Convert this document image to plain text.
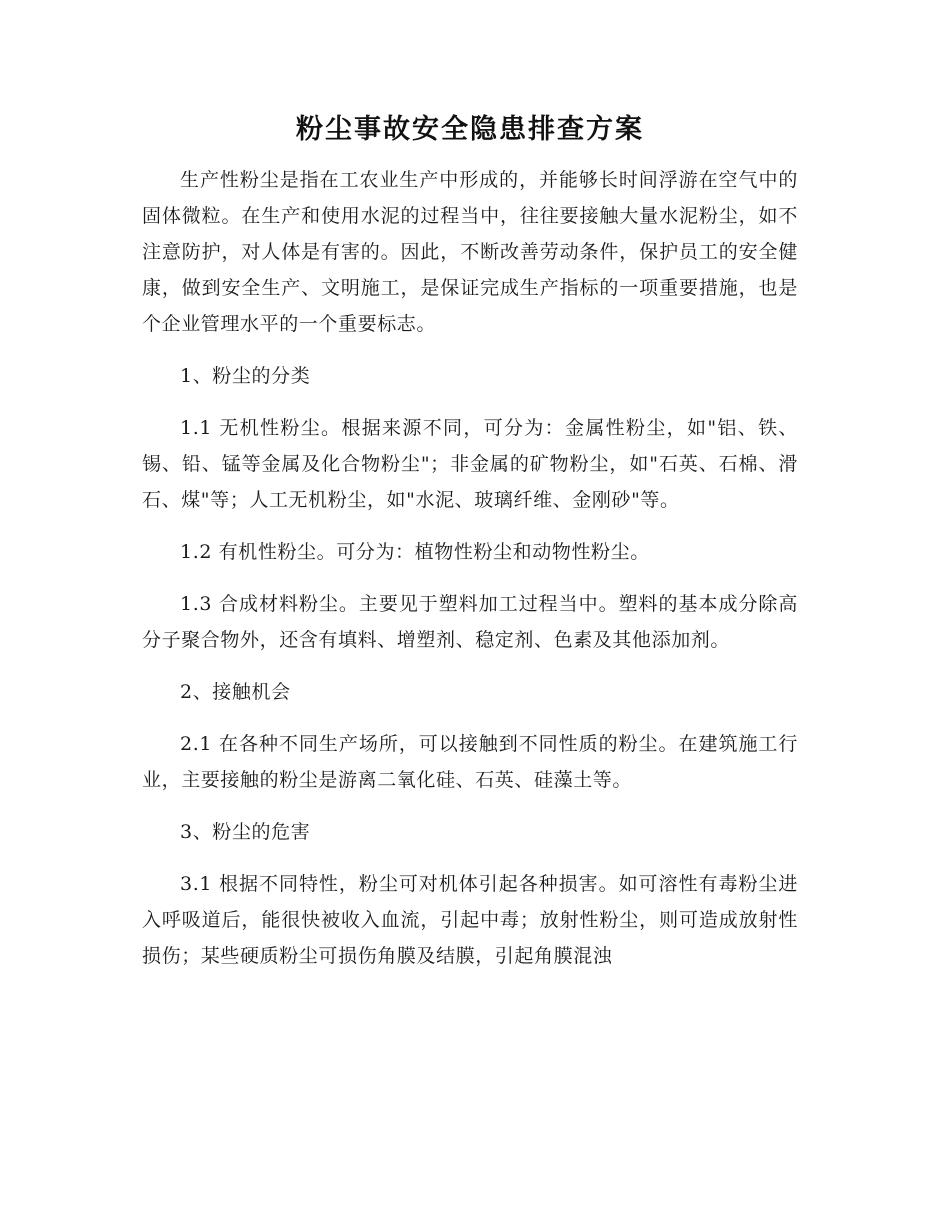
粉尘事故安全隐患排查方案

生产性粉尘是指在工农业生产中形成的，并能够长时间浮游在空气中的固体微粒。在生产和使用水泥的过程当中，往往要接触大量水泥粉尘，如不注意防护，对人体是有害的。因此，不断改善劳动条件，保护员工的安全健康，做到安全生产、文明施工，是保证完成生产指标的一项重要措施，也是个企业管理水平的一个重要标志。

1、粉尘的分类

1.1 无机性粉尘。根据来源不同，可分为：金属性粉尘，如"铝、铁、锡、铅、锰等金属及化合物粉尘"；非金属的矿物粉尘，如"石英、石棉、滑石、煤"等；人工无机粉尘，如"水泥、玻璃纤维、金刚砂"等。

1.2 有机性粉尘。可分为：植物性粉尘和动物性粉尘。

1.3 合成材料粉尘。主要见于塑料加工过程当中。塑料的基本成分除高分子聚合物外，还含有填料、增塑剂、稳定剂、色素及其他添加剂。

2、接触机会

2.1 在各种不同生产场所，可以接触到不同性质的粉尘。在建筑施工行业，主要接触的粉尘是游离二氧化硅、石英、硅藻土等。

3、粉尘的危害

3.1 根据不同特性，粉尘可对机体引起各种损害。如可溶性有毒粉尘进入呼吸道后，能很快被收入血流，引起中毒；放射性粉尘，则可造成放射性损伤；某些硬质粉尘可损伤角膜及结膜，引起角膜混浊
